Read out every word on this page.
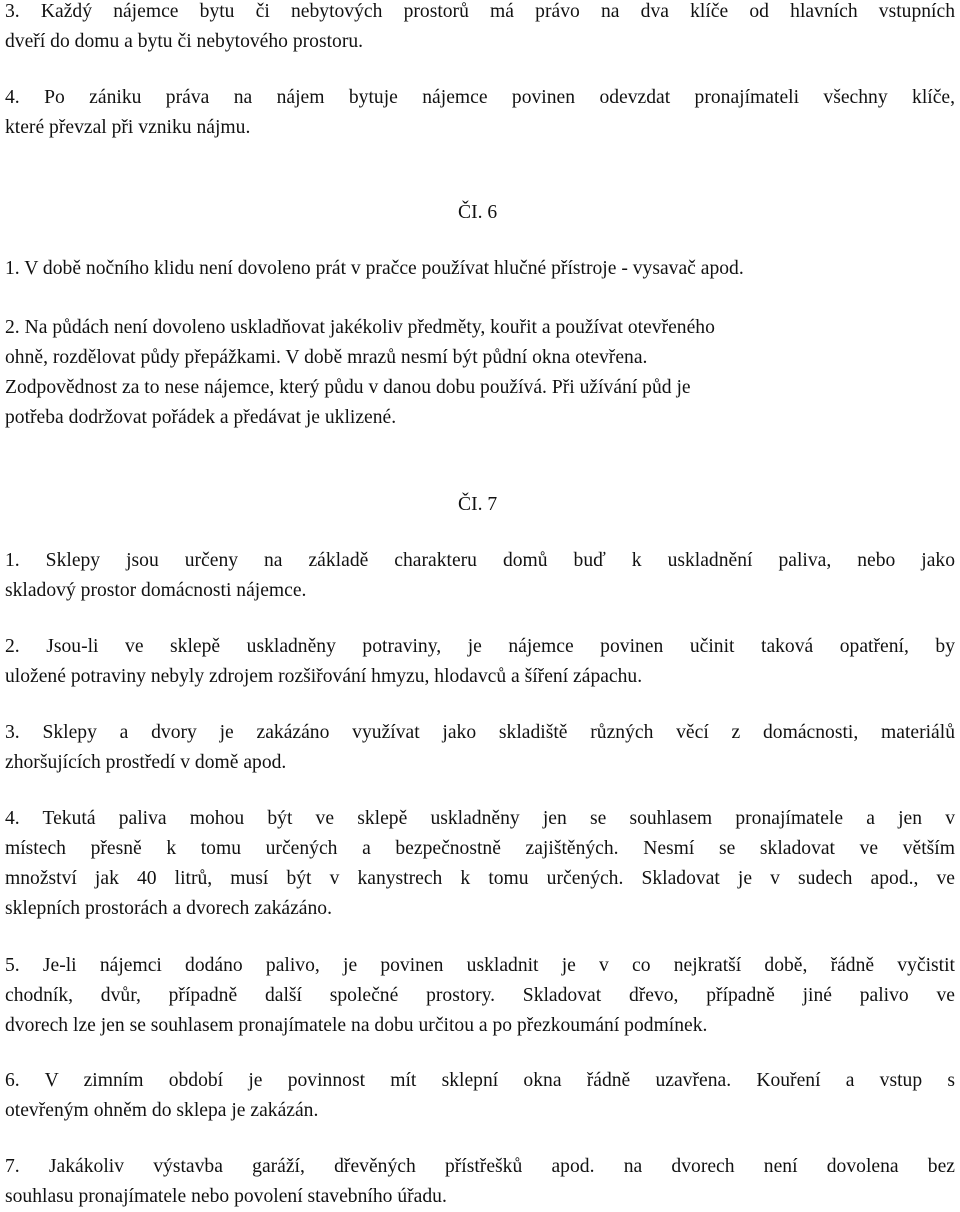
3. Každý nájemce bytu či nebytových prostorů má právo na dva klíče od hlavních vstupních
dveří do domu a bytu či nebytového prostoru.
4. Po zániku práva na nájem bytuje nájemce povinen odevzdat pronajímateli všechny klíče,
které převzal při vzniku nájmu.
ČI. 6
1. V době nočního klidu není dovoleno prát v pračce používat hlučné přístroje - vysavač apod.
2. Na půdách není dovoleno uskladňovat jakékoliv předměty, kouřit a používat otevřeného
ohně, rozdělovat půdy přepážkami. V době mrazů nesmí být půdní okna otevřena.
Zodpovědnost za to nese nájemce, který půdu v danou dobu používá. Při užívání půd je
potřeba dodržovat pořádek a předávat je uklizené.
ČI. 7
1. Sklepy jsou určeny na základě charakteru domů buď k uskladnění paliva, nebo jako
skladový prostor domácnosti nájemce.
2. Jsou-li ve sklepě uskladněny potraviny, je nájemce povinen učinit taková opatření, by
uložené potraviny nebyly zdrojem rozšiřování hmyzu, hlodavců a šíření zápachu.
3. Sklepy a dvory je zakázáno využívat jako skladiště různých věcí z domácnosti, materiálů
zhoršujících prostředí v domě apod.
4. Tekutá paliva mohou být ve sklepě uskladněny jen se souhlasem pronajímatele a jen v
místech přesně k tomu určených a bezpečnostně zajištěných. Nesmí se skladovat ve větším
množství jak 40 litrů, musí být v kanystrech k tomu určených. Skladovat je v sudech apod., ve
sklepních prostorách a dvorech zakázáno.
5. Je-li nájemci dodáno palivo, je povinen uskladnit je v co nejkratší době, řádně vyčistit
chodník, dvůr, případně další společné prostory. Skladovat dřevo, případně jiné palivo ve
dvorech lze jen se souhlasem pronajímatele na dobu určitou a po přezkoumání podmínek.
6. V zimním období je povinnost mít sklepní okna řádně uzavřena. Kouření a vstup s
otevřeným ohněm do sklepa je zakázán.
7. Jakákoliv výstavba garáží, dřevěných přístřešků apod. na dvorech není dovolena bez
souhlasu pronajímatele nebo povolení stavebního úřadu.
